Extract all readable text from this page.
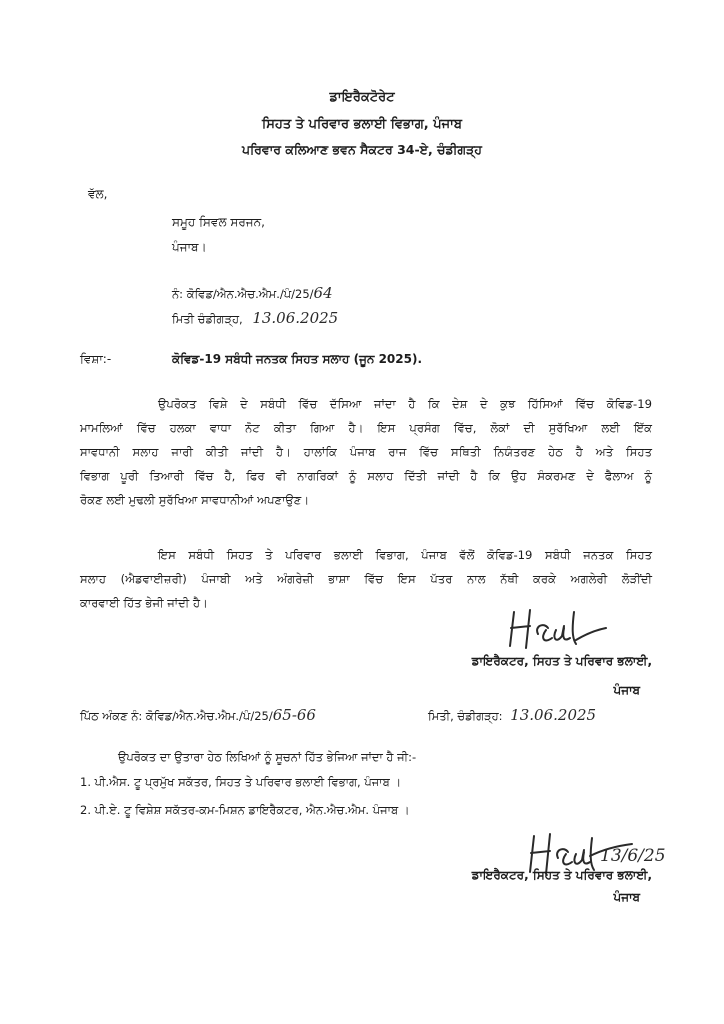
ਡਾਇਰੈਕਟੋਰੇਟ
ਸਿਹਤ ਤੇ ਪਰਿਵਾਰ ਭਲਾਈ ਵਿਭਾਗ, ਪੰਜਾਬ
ਪਰਿਵਾਰ ਕਲਿਆਣ ਭਵਨ ਸੈਕਟਰ 34-ਏ, ਚੰਡੀਗੜ੍ਹ
ਵੱਲ,
ਸਮੂਹ ਸਿਵਲ ਸਰਜਨ,
ਪੰਜਾਬ।
ਨੰ: ਕੋਵਿਡ/ਐਨ.ਐਚ.ਐਮ./ਪੰ/25/64
ਮਿਤੀ ਚੰਡੀਗੜ੍ਹ, 13.06.2025
ਵਿਸ਼ਾ:-	ਕੋਵਿਡ-19 ਸਬੰਧੀ ਜਨਤਕ ਸਿਹਤ ਸਲਾਹ (ਜੂਨ 2025).
ਉਪਰੋਕਤ ਵਿਸ਼ੇ ਦੇ ਸਬੰਧੀ ਵਿੱਚ ਦੱਸਿਆ ਜਾਂਦਾ ਹੈ ਕਿ ਦੇਸ਼ ਦੇ ਕੁਝ ਹਿੱਸਿਆਂ ਵਿੱਚ ਕੋਵਿਡ-19
ਮਾਮਲਿਆਂ ਵਿੱਚ ਹਲਕਾ ਵਾਧਾ ਨੋਟ ਕੀਤਾ ਗਿਆ ਹੈ। ਇਸ ਪ੍ਰਸੰਗ ਵਿੱਚ, ਲੋਕਾਂ ਦੀ ਸੁਰੱਖਿਆ ਲਈ ਇੱਕ
ਸਾਵਧਾਨੀ ਸਲਾਹ ਜਾਰੀ ਕੀਤੀ ਜਾਂਦੀ ਹੈ। ਹਾਲਾਂਕਿ ਪੰਜਾਬ ਰਾਜ ਵਿੱਚ ਸਥਿਤੀ ਨਿਯੰਤਰਣ ਹੇਠ ਹੈ ਅਤੇ ਸਿਹਤ
ਵਿਭਾਗ ਪੂਰੀ ਤਿਆਰੀ ਵਿੱਚ ਹੈ, ਫਿਰ ਵੀ ਨਾਗਰਿਕਾਂ ਨੂੰ ਸਲਾਹ ਦਿੱਤੀ ਜਾਂਦੀ ਹੈ ਕਿ ਉਹ ਸੰਕਰਮਣ ਦੇ ਫੈਲਾਅ ਨੂੰ
ਰੋਕਣ ਲਈ ਮੁਢਲੀ ਸੁਰੱਖਿਆ ਸਾਵਧਾਨੀਆਂ ਅਪਣਾਉਣ।
ਇਸ ਸਬੰਧੀ ਸਿਹਤ ਤੇ ਪਰਿਵਾਰ ਭਲਾਈ ਵਿਭਾਗ, ਪੰਜਾਬ ਵੱਲੋਂ ਕੋਵਿਡ-19 ਸਬੰਧੀ ਜਨਤਕ ਸਿਹਤ
ਸਲਾਹ (ਐਡਵਾਈਜ਼ਰੀ) ਪੰਜਾਬੀ ਅਤੇ ਅੰਗਰੇਜ਼ੀ ਭਾਸ਼ਾ ਵਿੱਚ ਇਸ ਪੱਤਰ ਨਾਲ ਨੱਥੀ ਕਰਕੇ ਅਗਲੇਰੀ ਲੋੜੀਂਦੀ
ਕਾਰਵਾਈ ਹਿੱਤ ਭੇਜੀ ਜਾਂਦੀ ਹੈ।
ਡਾਇਰੈਕਟਰ, ਸਿਹਤ ਤੇ ਪਰਿਵਾਰ ਭਲਾਈ,
ਪੰਜਾਬ
ਪਿੱਠ ਅੰਕਣ ਨੰ: ਕੋਵਿਡ/ਐਨ.ਐਚ.ਐਮ./ਪੰ/25/65-66	ਮਿਤੀ, ਚੰਡੀਗੜ੍ਹ: 13.06.2025
ਉਪਰੋਕਤ ਦਾ ਉਤਾਰਾ ਹੇਠ ਲਿਖਿਆਂ ਨੂੰ ਸੂਚਨਾਂ ਹਿੱਤ ਭੇਜਿਆ ਜਾਂਦਾ ਹੈ ਜੀ:-
1. ਪੀ.ਐਸ. ਟੂ ਪ੍ਰਮੁੱਖ ਸਕੱਤਰ, ਸਿਹਤ ਤੇ ਪਰਿਵਾਰ ਭਲਾਈ ਵਿਭਾਗ, ਪੰਜਾਬ ।
2. ਪੀ.ਏ. ਟੂ ਵਿਸ਼ੇਸ਼ ਸਕੱਤਰ-ਕਮ-ਮਿਸ਼ਨ ਡਾਇਰੈਕਟਰ, ਐਨ.ਐਚ.ਐਮ. ਪੰਜਾਬ ।
13/6/25
ਡਾਇਰੈਕਟਰ, ਸਿਹਤ ਤੇ ਪਰਿਵਾਰ ਭਲਾਈ,
ਪੰਜਾਬ
